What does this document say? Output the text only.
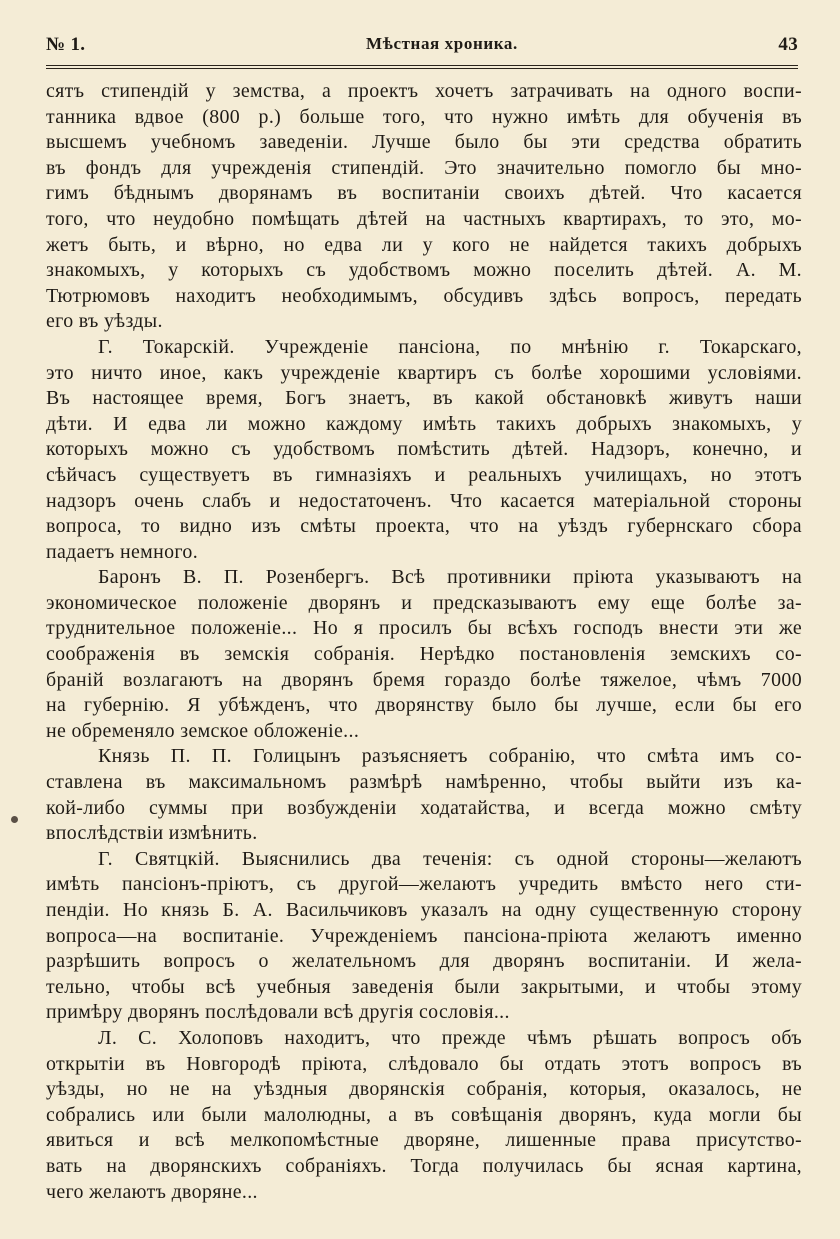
№ 1.	Мѣстная хроника.	43
сятъ стипендій у земства, а проектъ хочетъ затрачивать на одного воспи-
танника вдвое (800 р.) больше того, что нужно имѣть для обученія въ
высшемъ учебномъ заведеніи. Лучше было бы эти средства обратить
въ фондъ для учрежденія стипендій. Это значительно помогло бы мно-
гимъ бѣднымъ дворянамъ въ воспитаніи своихъ дѣтей. Что касается
того, что неудобно помѣщать дѣтей на частныхъ квартирахъ, то это, мо-
жетъ быть, и вѣрно, но едва ли у кого не найдется такихъ добрыхъ
знакомыхъ, у которыхъ съ удобствомъ можно поселить дѣтей. А. М.
Тютрюмовъ находитъ необходимымъ, обсудивъ здѣсь вопросъ, передать
его въ уѣзды.
Г. Токарскій. Учрежденіе пансіона, по мнѣнію г. Токарскаго,
это ничто иное, какъ учрежденіе квартиръ съ болѣе хорошими условіями.
Въ настоящее время, Богъ знаетъ, въ какой обстановкѣ живутъ наши
дѣти. И едва ли можно каждому имѣть такихъ добрыхъ знакомыхъ, у
которыхъ можно съ удобствомъ помѣстить дѣтей. Надзоръ, конечно, и
сѣйчасъ существуетъ въ гимназіяхъ и реальныхъ училищахъ, но этотъ
надзоръ очень слабъ и недостаточенъ. Что касается матеріальной стороны
вопроса, то видно изъ смѣты проекта, что на уѣздъ губернскаго сбора
падаетъ немного.
Баронъ В. П. Розенбергъ. Всѣ противники пріюта указываютъ на
экономическое положеніе дворянъ и предсказываютъ ему еще болѣе за-
труднительное положеніе... Но я просилъ бы всѣхъ господъ внести эти же
соображенія въ земскія собранія. Нерѣдко постановленія земскихъ со-
браній возлагаютъ на дворянъ бремя гораздо болѣе тяжелое, чѣмъ 7000
на губернію. Я убѣжденъ, что дворянству было бы лучше, если бы его
не обременяло земское обложеніе...
Князь П. П. Голицынъ разъясняетъ собранію, что смѣта имъ со-
ставлена въ максимальномъ размѣрѣ намѣренно, чтобы выйти изъ ка-
кой-либо суммы при возбужденіи ходатайства, и всегда можно смѣту
впослѣдствіи измѣнить.
Г. Святцкій. Выяснились два теченія: съ одной стороны—желаютъ
имѣть пансіонъ-пріютъ, съ другой—желаютъ учредить вмѣсто него сти-
пендіи. Но князь Б. А. Васильчиковъ указалъ на одну существенную сторону
вопроса—на воспитаніе. Учрежденіемъ пансіона-пріюта желаютъ именно
разрѣшить вопросъ о желательномъ для дворянъ воспитаніи. И жела-
тельно, чтобы всѣ учебныя заведенія были закрытыми, и чтобы этому
примѣру дворянъ послѣдовали всѣ другія сословія...
Л. С. Холоповъ находитъ, что прежде чѣмъ рѣшать вопросъ объ
открытіи въ Новгородѣ пріюта, слѣдовало бы отдать этотъ вопросъ въ
уѣзды, но не на уѣздныя дворянскія собранія, которыя, оказалось, не
собрались или были малолюдны, а въ совѣщанія дворянъ, куда могли бы
явиться и всѣ мелкопомѣстные дворяне, лишенные права присутство-
вать на дворянскихъ собраніяхъ. Тогда получилась бы ясная картина,
чего желаютъ дворяне...
